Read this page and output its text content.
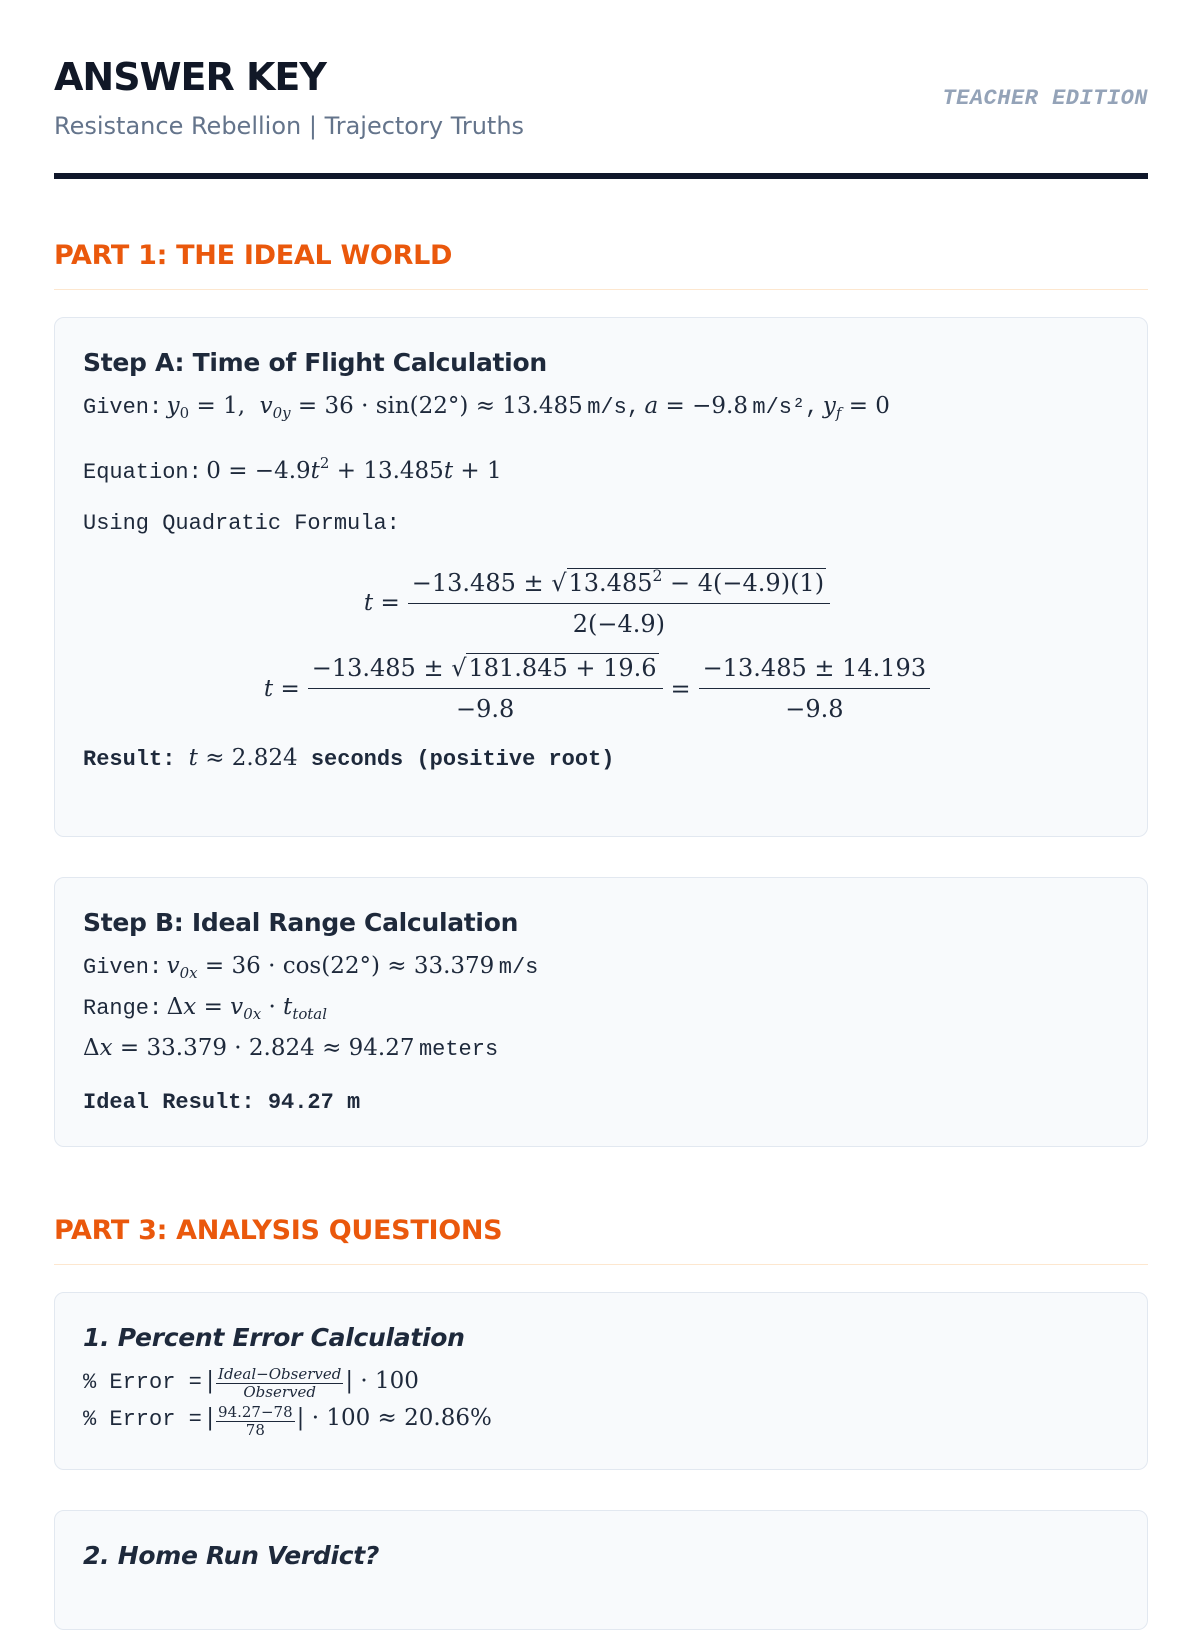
ANSWER KEY
Resistance Rebellion | Trajectory Truths
TEACHER EDITION
PART 1: THE IDEAL WORLD
Step A: Time of Flight Calculation

Given: $y_0 = 1$,  $v_{0y} = 36 \cdot \sin(22^\circ) \approx 13.485$ m/s, a = −9.8 m/s², $y_f = 0$

Equation: $0 = -4.9t^2 + 13.485t + 1$

Using Quadratic Formula:

$t = \frac{-13.485 \pm √13.485^2 - 4(-4.9)(1)}{2(-4.9)}$
$t = \frac{-13.485 \pm √181.845 + 19.6}{-9.8} = \frac{-13.485 \pm 14.193}{-9.8}$

Result: t ≈ 2.824 seconds (positive root)

Step B: Ideal Range Calculation

Given: $v_{0x} = 36 \cdot \cos(22^\circ) \approx 33.379$ m/s

Range: $\Delta x = v_{0x} \cdot t_{total}$

Δx = 33.379 · 2.824 ≈ 94.27 meters

Ideal Result: 94.27 m

PART 3: ANALYSIS QUESTIONS
1. Percent Error Calculation

% Error = | $\frac{\text{Ideal−Observed}}{\text{Observed}}$ | · 100

% Error = | $\frac{94.27-78}{78}$ | · 100 ≈ 20.86%

2. Home Run Verdict?
